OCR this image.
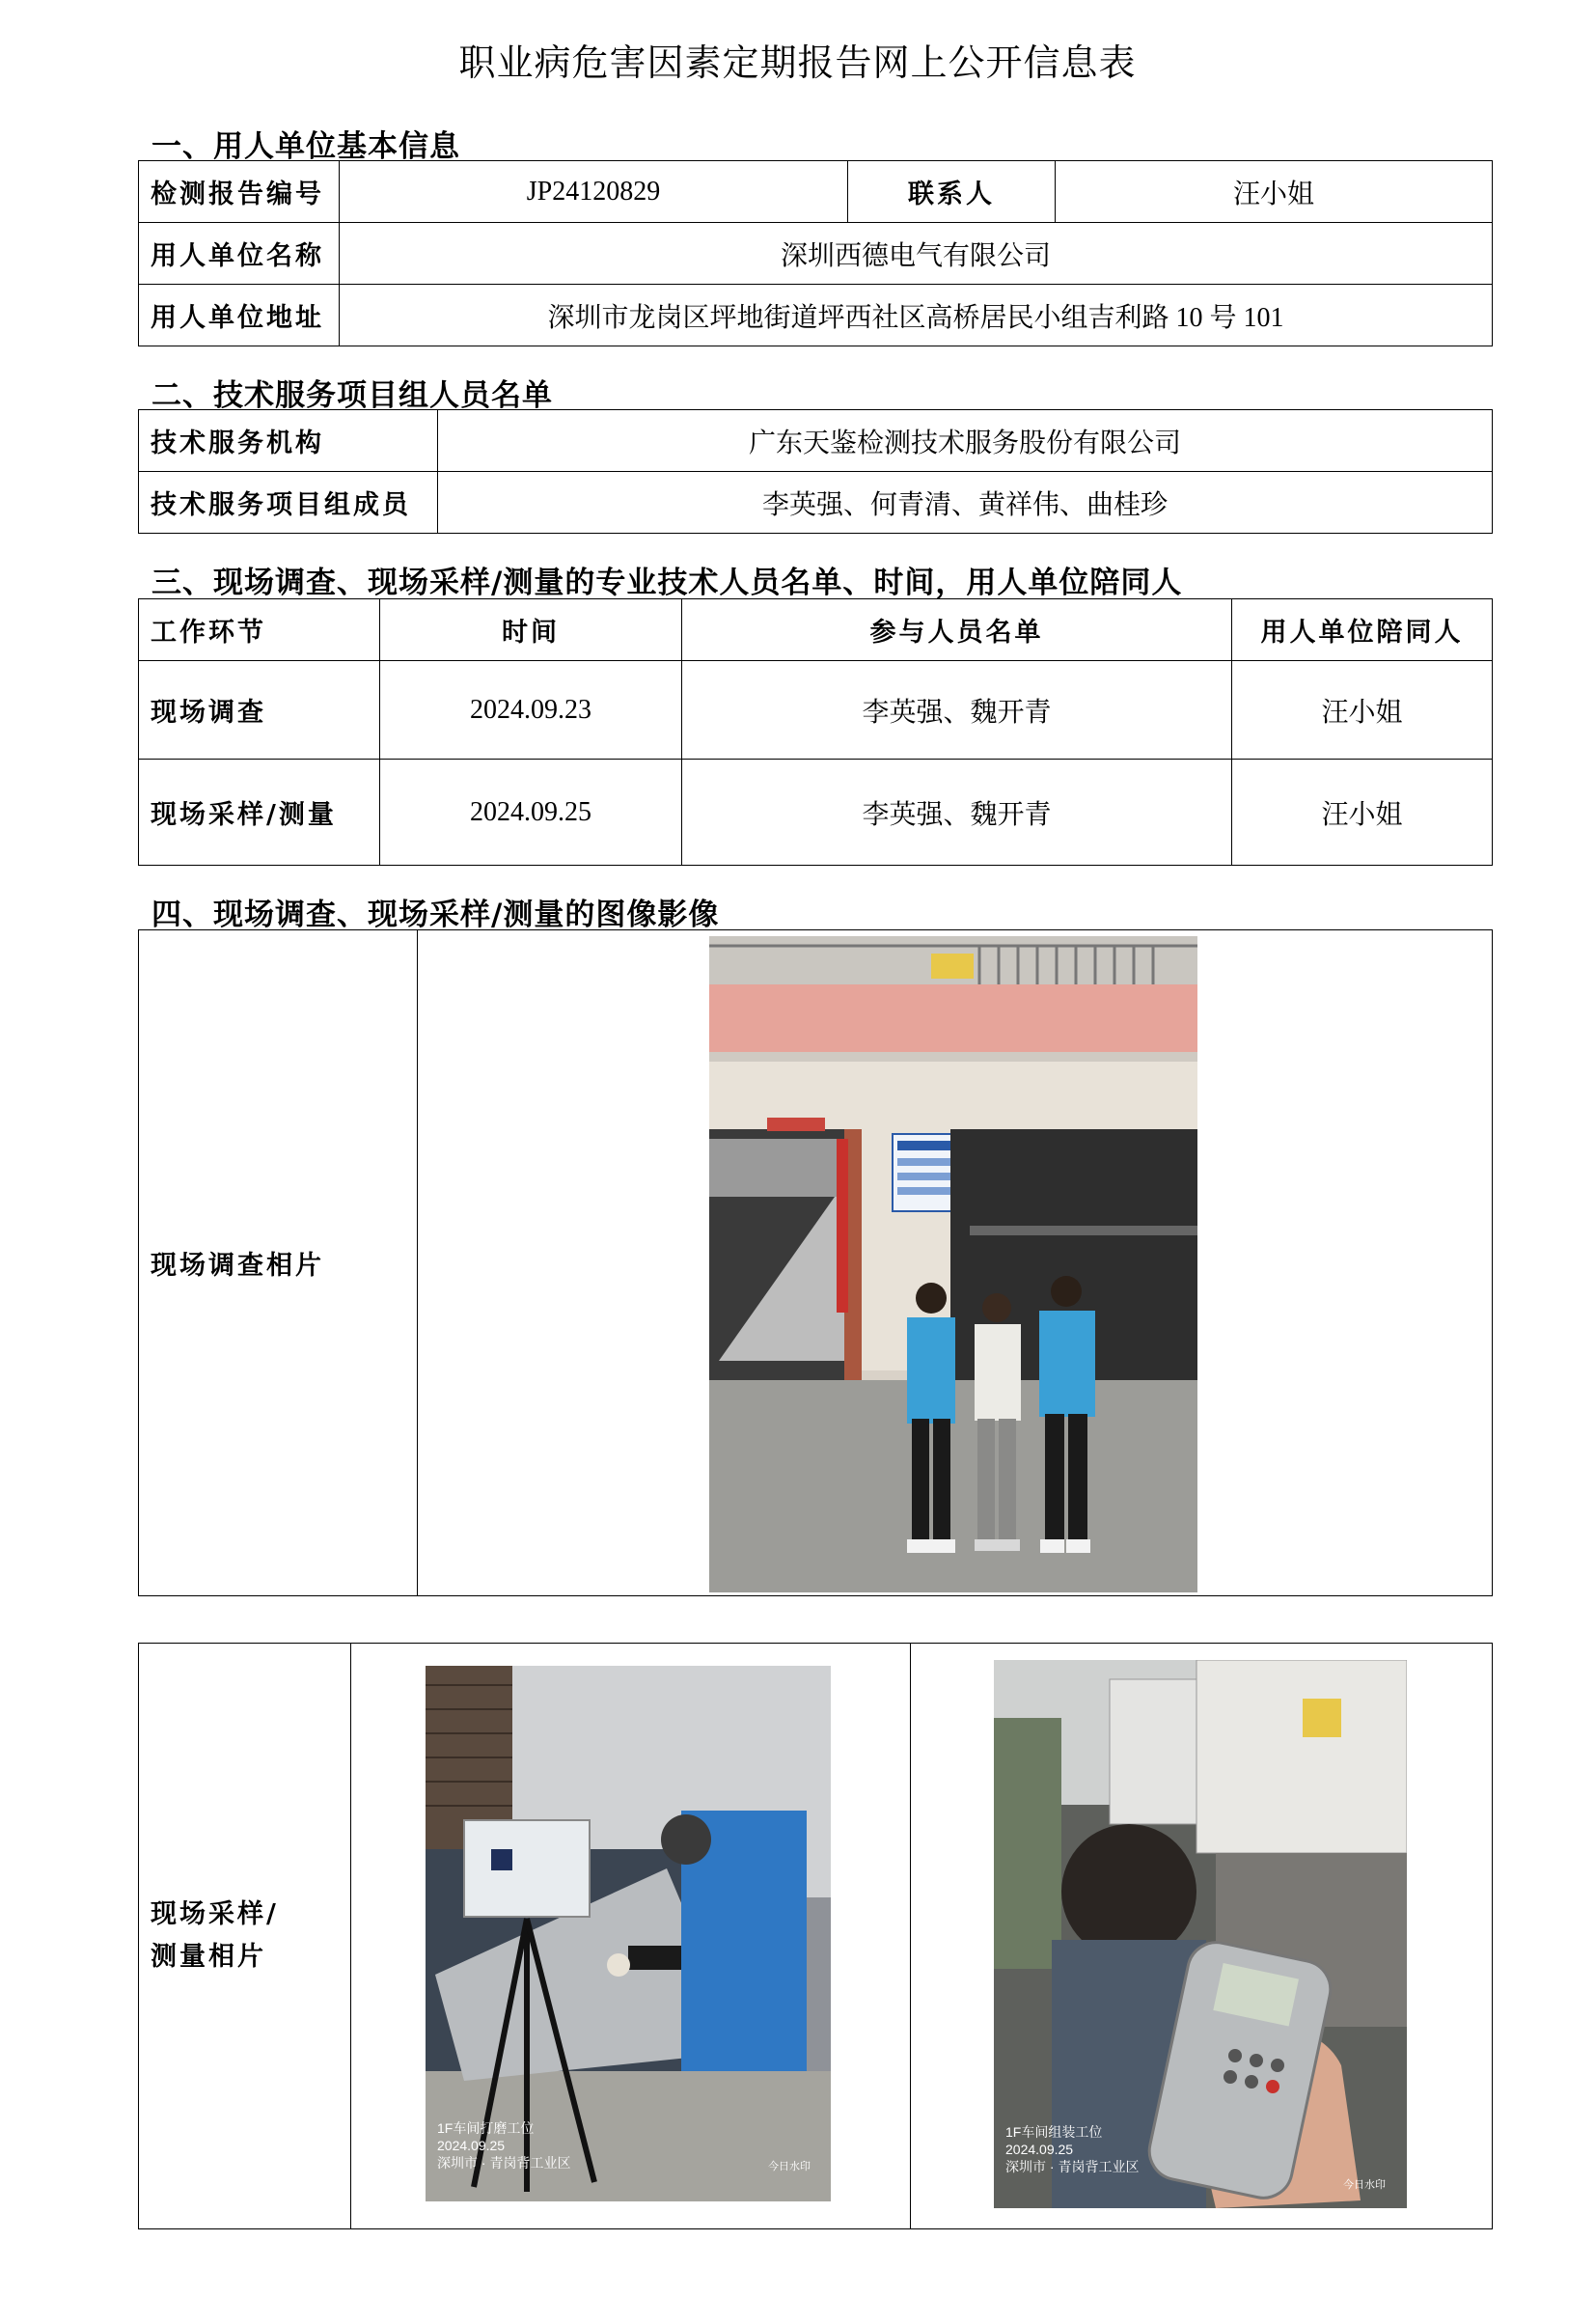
职业病危害因素定期报告网上公开信息表
一、用人单位基本信息
检测报告编号	JP24120829	联系人	汪小姐
用人单位名称	深圳西德电气有限公司		
用人单位地址	深圳市龙岗区坪地街道坪西社区高桥居民小组吉利路 10 号 101		
二、技术服务项目组人员名单
技术服务机构	广东天鉴检测技术服务股份有限公司
技术服务项目组成员	李英强、何青清、黄祥伟、曲桂珍
三、现场调查、现场采样/测量的专业技术人员名单、时间，用人单位陪同人
工作环节	时间	参与人员名单	用人单位陪同人
现场调查	2024.09.23	李英强、魏开青	汪小姐
现场采样/测量	2024.09.25	李英强、魏开青	汪小姐
四、现场调查、现场采样/测量的图像影像
现场调查相片	
现场采样/
测量相片

1F车间打磨工位
2024.09.25
深圳市 · 青岗背工业区	今日水印
1F车间组装工位
2024.09.25
深圳市 · 青岗背工业区
今日水印
